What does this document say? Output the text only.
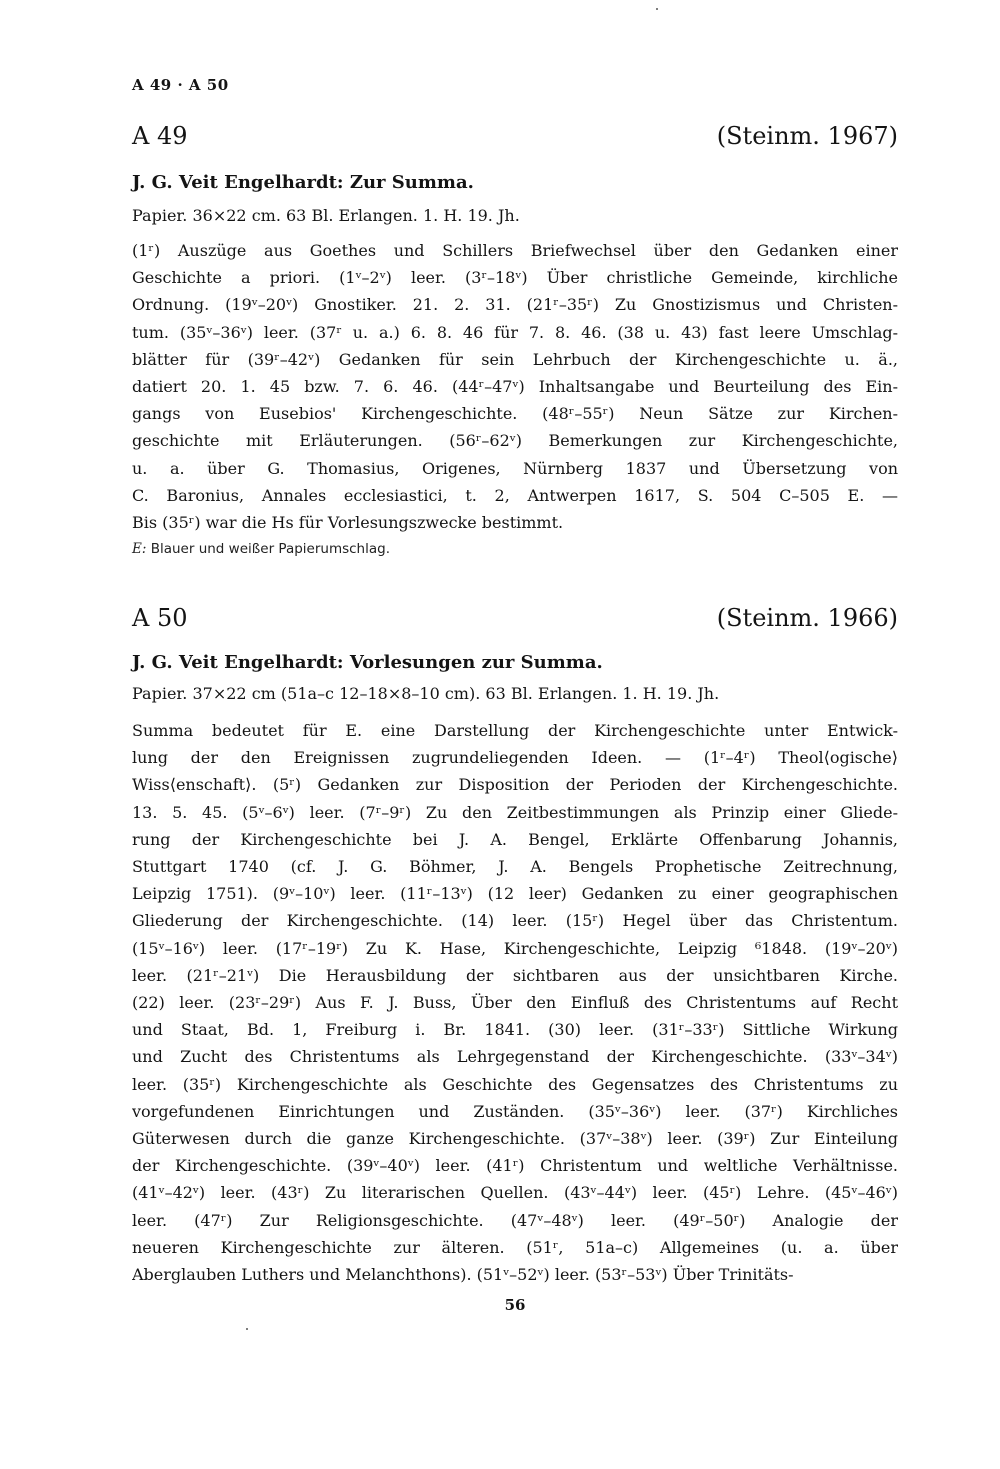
A 49 · A 50
A 49	(Steinm. 1967)
J. G. Veit Engelhardt: Zur Summa.
Papier. 36×22 cm. 63 Bl. Erlangen. 1. H. 19. Jh.
(1ʳ) Auszüge aus Goethes und Schillers Briefwechsel über den Gedanken einer
Geschichte a priori. (1ᵛ–2ᵛ) leer. (3ʳ–18ᵛ) Über christliche Gemeinde, kirchliche
Ordnung. (19ᵛ–20ᵛ) Gnostiker. 21. 2. 31. (21ʳ–35ʳ) Zu Gnostizismus und Christen-
tum. (35ᵛ–36ᵛ) leer. (37ʳ u. a.) 6. 8. 46 für 7. 8. 46. (38 u. 43) fast leere Umschlag-
blätter für (39ʳ–42ᵛ) Gedanken für sein Lehrbuch der Kirchengeschichte u. ä.,
datiert 20. 1. 45 bzw. 7. 6. 46. (44ʳ–47ᵛ) Inhaltsangabe und Beurteilung des Ein-
gangs von Eusebios' Kirchengeschichte. (48ʳ–55ʳ) Neun Sätze zur Kirchen-
geschichte mit Erläuterungen. (56ʳ–62ᵛ) Bemerkungen zur Kirchengeschichte,
u. a. über G. Thomasius, Origenes, Nürnberg 1837 und Übersetzung von
C. Baronius, Annales ecclesiastici, t. 2, Antwerpen 1617, S. 504 C–505 E. —
Bis (35ʳ) war die Hs für Vorlesungszwecke bestimmt.
E: Blauer und weißer Papierumschlag.
A 50	(Steinm. 1966)
J. G. Veit Engelhardt: Vorlesungen zur Summa.
Papier. 37×22 cm (51a–c 12–18×8–10 cm). 63 Bl. Erlangen. 1. H. 19. Jh.
Summa bedeutet für E. eine Darstellung der Kirchengeschichte unter Entwick-
lung der den Ereignissen zugrundeliegenden Ideen. — (1ʳ–4ʳ) Theol⟨ogische⟩
Wiss⟨enschaft⟩. (5ʳ) Gedanken zur Disposition der Perioden der Kirchengeschichte.
13. 5. 45. (5ᵛ–6ᵛ) leer. (7ʳ–9ʳ) Zu den Zeitbestimmungen als Prinzip einer Gliede-
rung der Kirchengeschichte bei J. A. Bengel, Erklärte Offenbarung Johannis,
Stuttgart 1740 (cf. J. G. Böhmer, J. A. Bengels Prophetische Zeitrechnung,
Leipzig 1751). (9ᵛ–10ᵛ) leer. (11ʳ–13ᵛ) (12 leer) Gedanken zu einer geographischen
Gliederung der Kirchengeschichte. (14) leer. (15ʳ) Hegel über das Christentum.
(15ᵛ–16ᵛ) leer. (17ʳ–19ʳ) Zu K. Hase, Kirchengeschichte, Leipzig ⁶1848. (19ᵛ–20ᵛ)
leer. (21ʳ–21ᵛ) Die Herausbildung der sichtbaren aus der unsichtbaren Kirche.
(22) leer. (23ʳ–29ʳ) Aus F. J. Buss, Über den Einfluß des Christentums auf Recht
und Staat, Bd. 1, Freiburg i. Br. 1841. (30) leer. (31ʳ–33ʳ) Sittliche Wirkung
und Zucht des Christentums als Lehrgegenstand der Kirchengeschichte. (33ᵛ–34ᵛ)
leer. (35ʳ) Kirchengeschichte als Geschichte des Gegensatzes des Christentums zu
vorgefundenen Einrichtungen und Zuständen. (35ᵛ–36ᵛ) leer. (37ʳ) Kirchliches
Güterwesen durch die ganze Kirchengeschichte. (37ᵛ–38ᵛ) leer. (39ʳ) Zur Einteilung
der Kirchengeschichte. (39ᵛ–40ᵛ) leer. (41ʳ) Christentum und weltliche Verhältnisse.
(41ᵛ–42ᵛ) leer. (43ʳ) Zu literarischen Quellen. (43ᵛ–44ᵛ) leer. (45ʳ) Lehre. (45ᵛ–46ᵛ)
leer. (47ʳ) Zur Religionsgeschichte. (47ᵛ–48ᵛ) leer. (49ʳ–50ʳ) Analogie der
neueren Kirchengeschichte zur älteren. (51ʳ, 51a–c) Allgemeines (u. a. über
Aberglauben Luthers und Melanchthons). (51ᵛ–52ᵛ) leer. (53ʳ–53ᵛ) Über Trinitäts-
56
